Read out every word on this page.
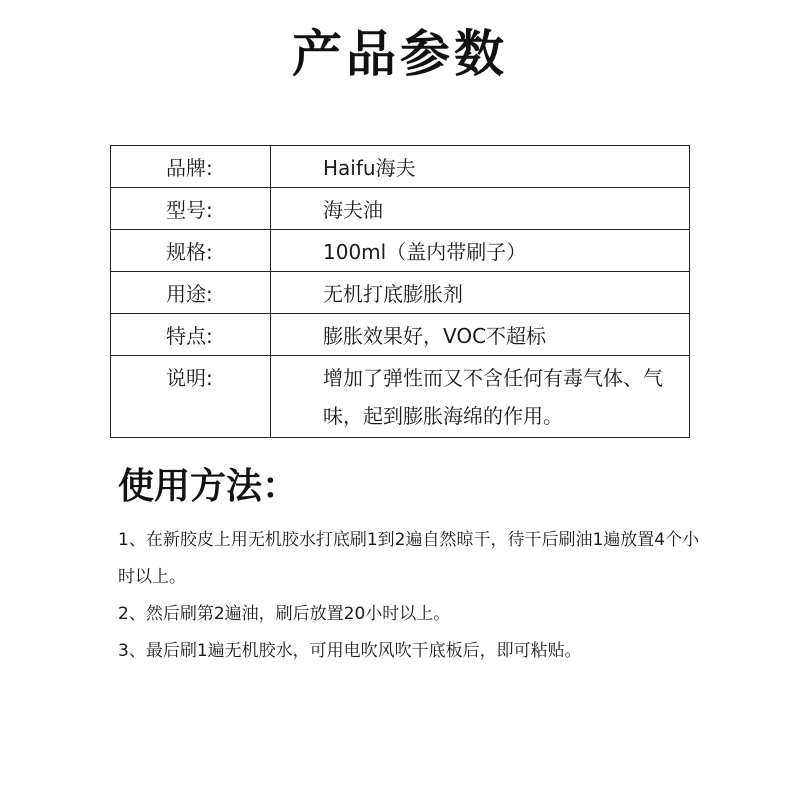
产品参数
品牌:	Haifu海夫
型号:	海夫油
规格:	100ml（盖内带刷子）
用途:	无机打底膨胀剂
特点:	膨胀效果好，VOC不超标
说明:	增加了弹性而又不含任何有毒气体、气味，起到膨胀海绵的作用。
使用方法：

1、在新胶皮上用无机胶水打底刷1到2遍自然晾干，待干后刷油1遍放置4个小时以上。

2、然后刷第2遍油，刷后放置20小时以上。

3、最后刷1遍无机胶水，可用电吹风吹干底板后，即可粘贴。
